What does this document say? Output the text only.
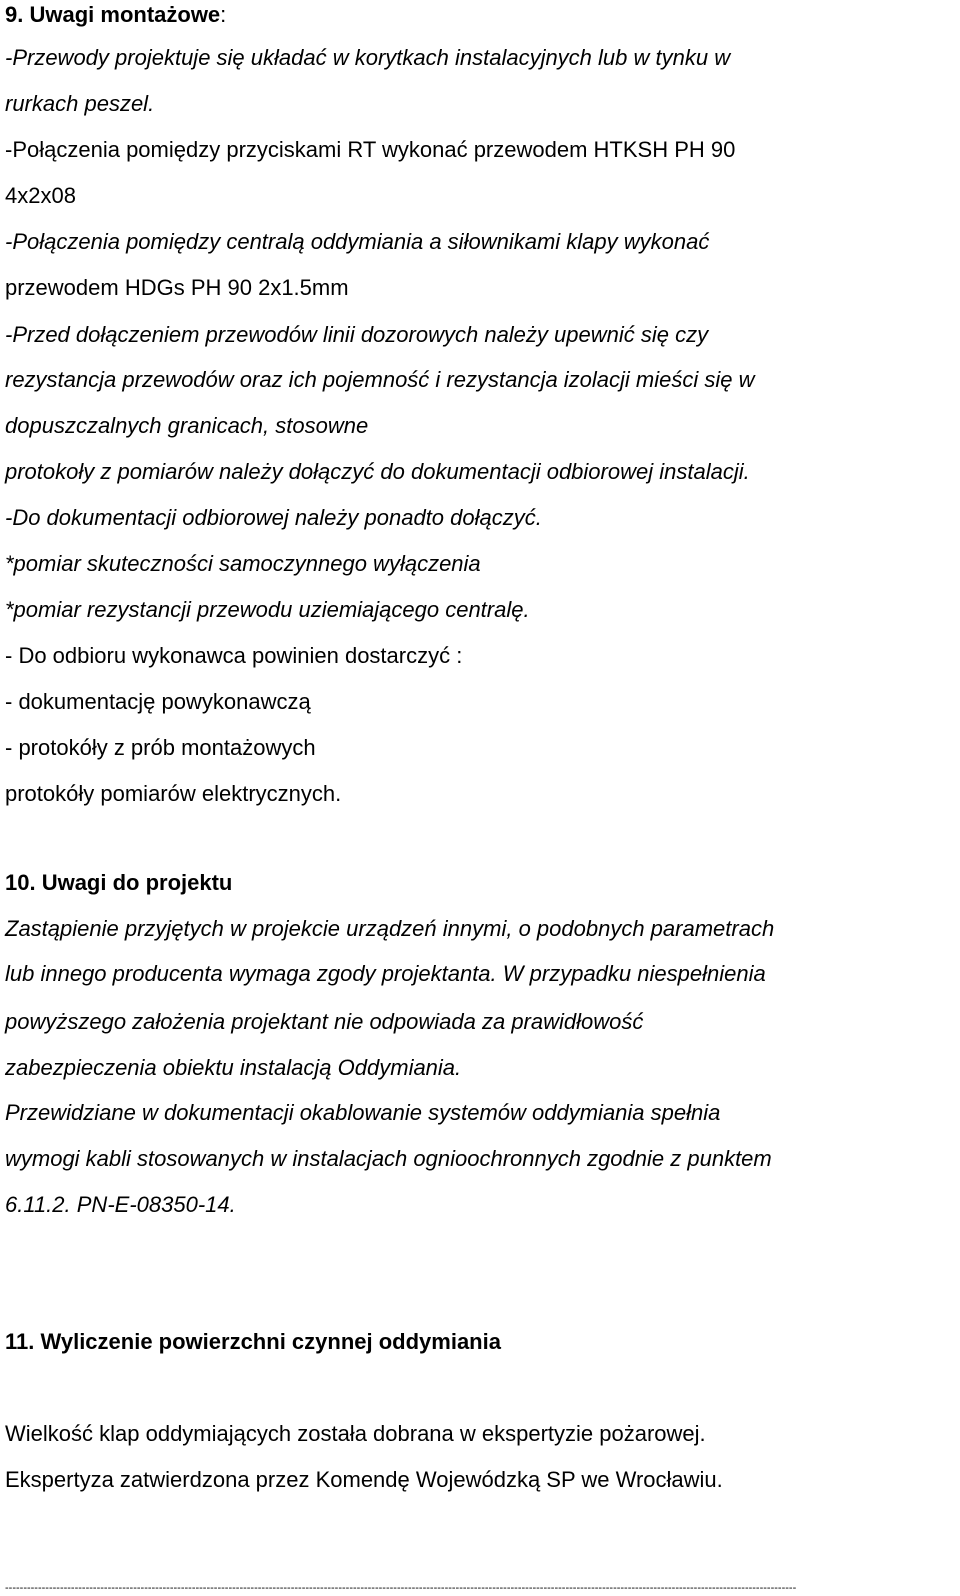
9. Uwagi montażowe:
-Przewody projektuje się układać w korytkach instalacyjnych lub w tynku w
rurkach peszel.
-Połączenia pomiędzy przyciskami RT wykonać przewodem HTKSH PH 90
4x2x08
-Połączenia pomiędzy centralą oddymiania a siłownikami klapy wykonać
przewodem HDGs PH 90 2x1.5mm
-Przed dołączeniem przewodów linii dozorowych należy upewnić się czy
rezystancja przewodów oraz ich pojemność i rezystancja izolacji mieści się w
dopuszczalnych granicach, stosowne
protokoły z pomiarów należy dołączyć do dokumentacji odbiorowej instalacji.
-Do dokumentacji odbiorowej należy ponadto dołączyć.
*pomiar skuteczności samoczynnego wyłączenia
*pomiar rezystancji przewodu uziemiającego centralę.
- Do odbioru wykonawca powinien dostarczyć :
- dokumentację powykonawczą
- protokóły z prób montażowych
protokóły pomiarów elektrycznych.
10. Uwagi do projektu
Zastąpienie przyjętych w projekcie urządzeń innymi, o podobnych parametrach
lub innego producenta wymaga zgody projektanta. W przypadku niespełnienia
powyższego założenia projektant nie odpowiada za prawidłowość
zabezpieczenia obiektu instalacją Oddymiania.
Przewidziane w dokumentacji okablowanie systemów oddymiania spełnia
wymogi kabli stosowanych w instalacjach ognioochronnych zgodnie z punktem
6.11.2. PN-E-08350-14.
11. Wyliczenie powierzchni czynnej oddymiania
Wielkość klap oddymiających została dobrana w ekspertyzie pożarowej.
Ekspertyza zatwierdzona przez Komendę Wojewódzką SP we Wrocławiu.
------------------------------------------------------------------------------------------------------------------------------------------------------------------------------------------------------------------------
